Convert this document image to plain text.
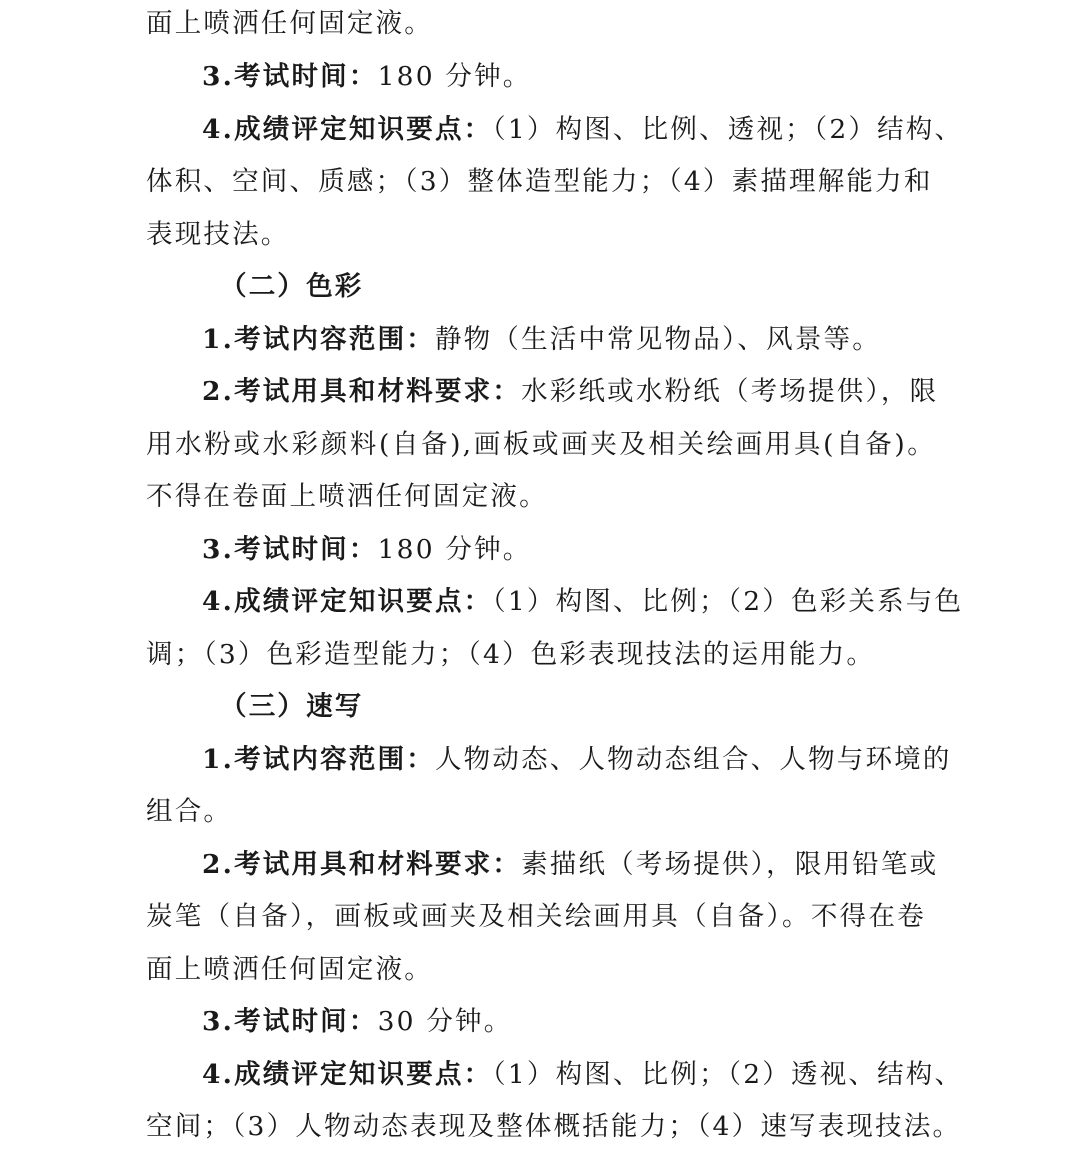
面上喷洒任何固定液。
3.考试时间：180 分钟。
4.成绩评定知识要点：（1）构图、比例、透视；（2）结构、
体积、空间、质感；（3）整体造型能力；（4）素描理解能力和
表现技法。
（二）色彩
1.考试内容范围：静物（生活中常见物品）、风景等。
2.考试用具和材料要求：水彩纸或水粉纸（考场提供），限
用水粉或水彩颜料(自备),画板或画夹及相关绘画用具(自备)。
不得在卷面上喷洒任何固定液。
3.考试时间：180 分钟。
4.成绩评定知识要点：（1）构图、比例；（2）色彩关系与色
调；（3）色彩造型能力；（4）色彩表现技法的运用能力。
（三）速写
1.考试内容范围：人物动态、人物动态组合、人物与环境的
组合。
2.考试用具和材料要求：素描纸（考场提供），限用铅笔或
炭笔（自备），画板或画夹及相关绘画用具（自备）。不得在卷
面上喷洒任何固定液。
3.考试时间：30 分钟。
4.成绩评定知识要点：（1）构图、比例；（2）透视、结构、
空间；（3）人物动态表现及整体概括能力；（4）速写表现技法。
